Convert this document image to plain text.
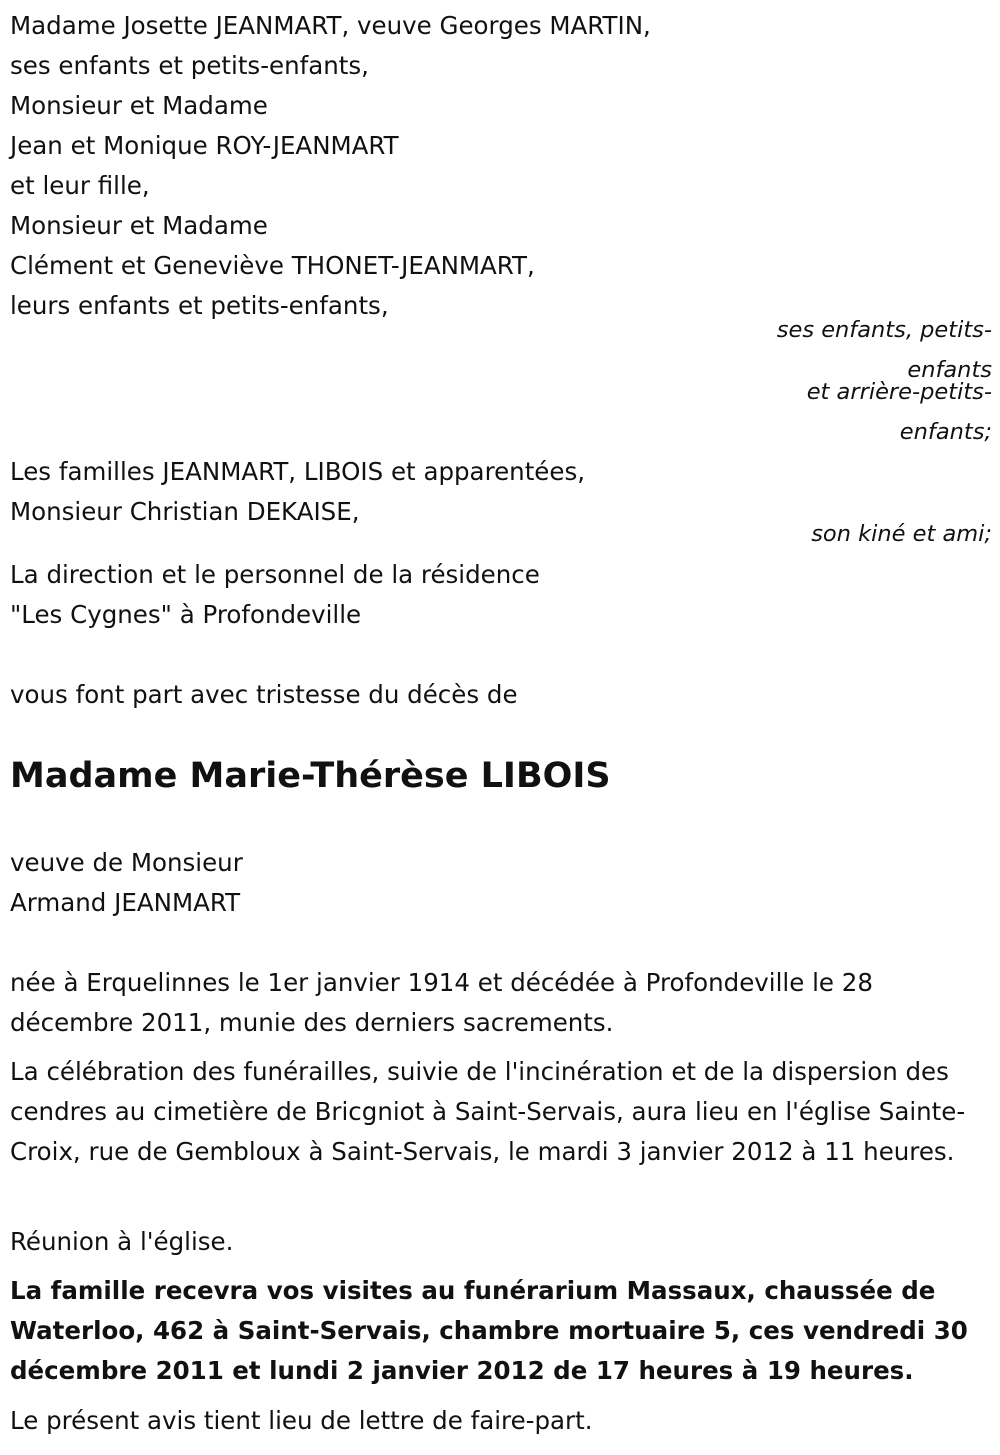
Madame Josette JEANMART, veuve Georges MARTIN,
ses enfants et petits-enfants,
Monsieur et Madame
Jean et Monique ROY-JEANMART
et leur fille,
Monsieur et Madame
Clément et Geneviève THONET-JEANMART,
leurs enfants et petits-enfants,
ses enfants, petits-enfants
et arrière-petits-enfants;
Les familles JEANMART, LIBOIS et apparentées,
Monsieur Christian DEKAISE,
son kiné et ami;
La direction et le personnel de la résidence
"Les Cygnes" à Profondeville
vous font part avec tristesse du décès de
Madame Marie-Thérèse LIBOIS
veuve de Monsieur
Armand JEANMART
née à Erquelinnes le 1er janvier 1914 et décédée à Profondeville le 28 décembre 2011, munie des derniers sacrements.
La célébration des funérailles, suivie de l'incinération et de la dispersion des cendres au cimetière de Bricgniot à Saint-Servais, aura lieu en l'église Sainte-Croix, rue de Gembloux à Saint-Servais, le mardi 3 janvier 2012 à 11 heures.
Réunion à l'église.
La famille recevra vos visites au funérarium Massaux, chaussée de Waterloo, 462 à Saint-Servais, chambre mortuaire 5, ces vendredi 30 décembre 2011 et lundi 2 janvier 2012 de 17 heures à 19 heures.
Le présent avis tient lieu de lettre de faire-part.
